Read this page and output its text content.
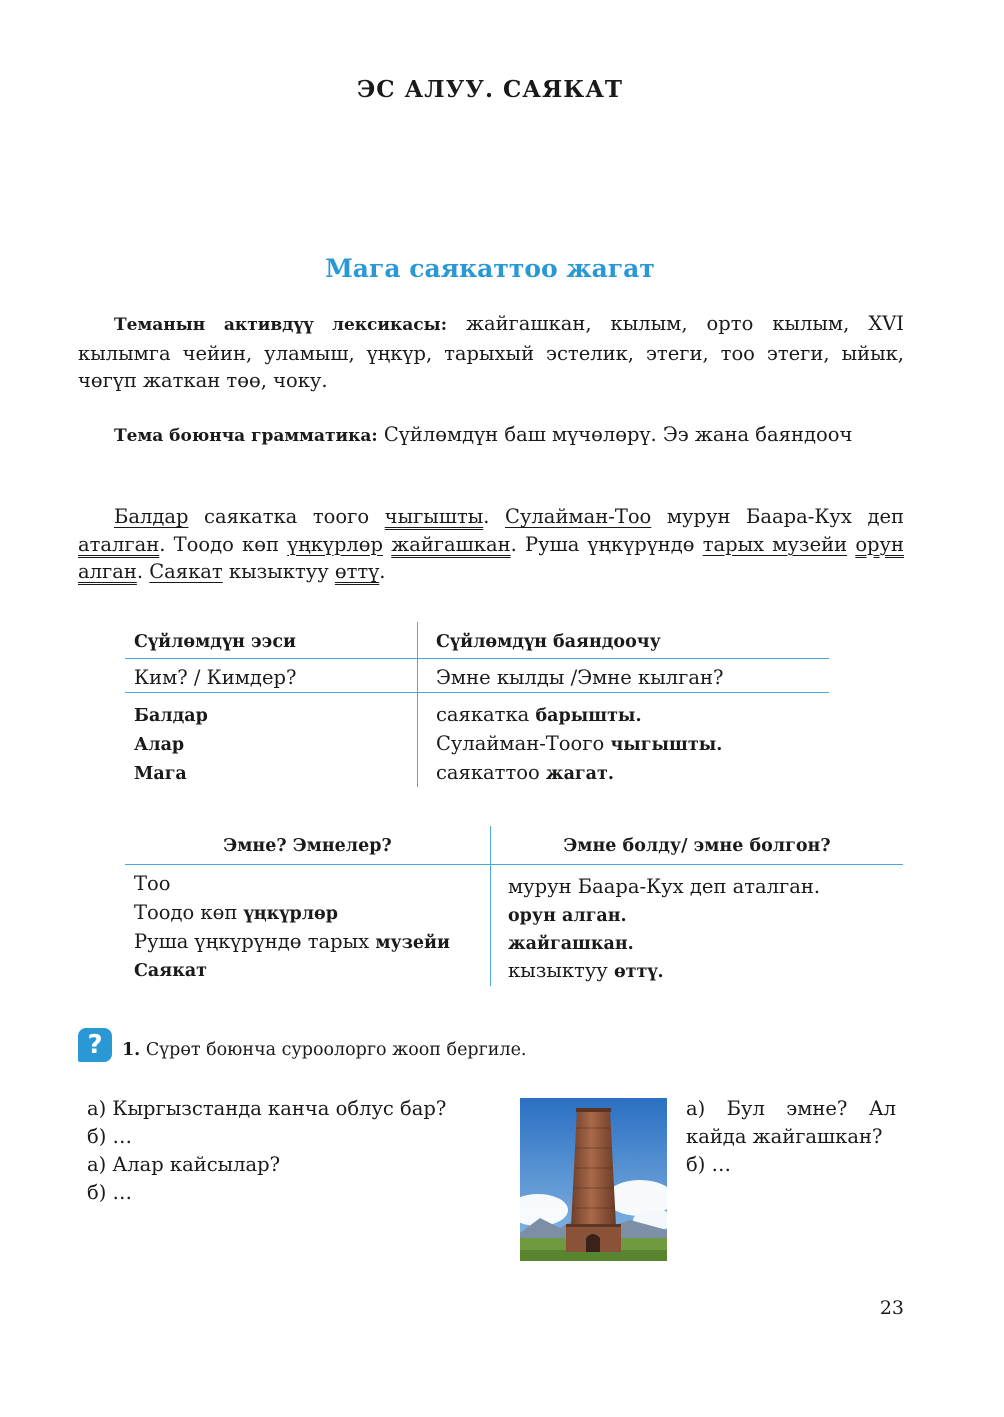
ЭС АЛУУ. САЯКАТ
Мага саякаттоо жагат
Теманын активдүү лексикасы: жайгашкан, кылым, орто кылым, XVI кылымга чейин, уламыш, үңкүр, тарыхый эстелик, этеги, тоо этеги, ыйык, чөгүп жаткан төө, чоку.
Тема боюнча грамматика: Сүйлөмдүн баш мүчөлөрү. Ээ жана баяндооч
Балдар саякатка тоого чыгышты. Сулайман-Тоо мурун Баара-Кух деп аталган. Тоодо көп үңкүрлөр жайгашкан. Руша үңкүрүндө тарых музейи орун алган. Саякат кызыктуу өттү.
Сүйлөмдүн ээси	Сүйлөмдүн баяндоочу
Ким? / Кимдер?	Эмне кылды /Эмне кылган?
Балдар	саякатка барышты.
Алар	Сулайман-Тоого чыгышты.
Мага	саякаттоо жагат.
Эмне? Эмнелер?	Эмне болду/ эмне болгон?
Тоо	мурун Баара-Кух деп аталган.
Тоодо көп үңкүрлөр	орун алган.
Руша үңкүрүндө тарых музейи	жайгашкан.
Саякат	кызыктуу өттү.
?	1. Сүрөт боюнча суроолорго жооп бергиле.
а) Кыргызстанда канча облус бар?
б) …
а) Алар кайсылар?
б) …
а) Бул эмне? Ал
кайда жайгашкан?
б) …
23
